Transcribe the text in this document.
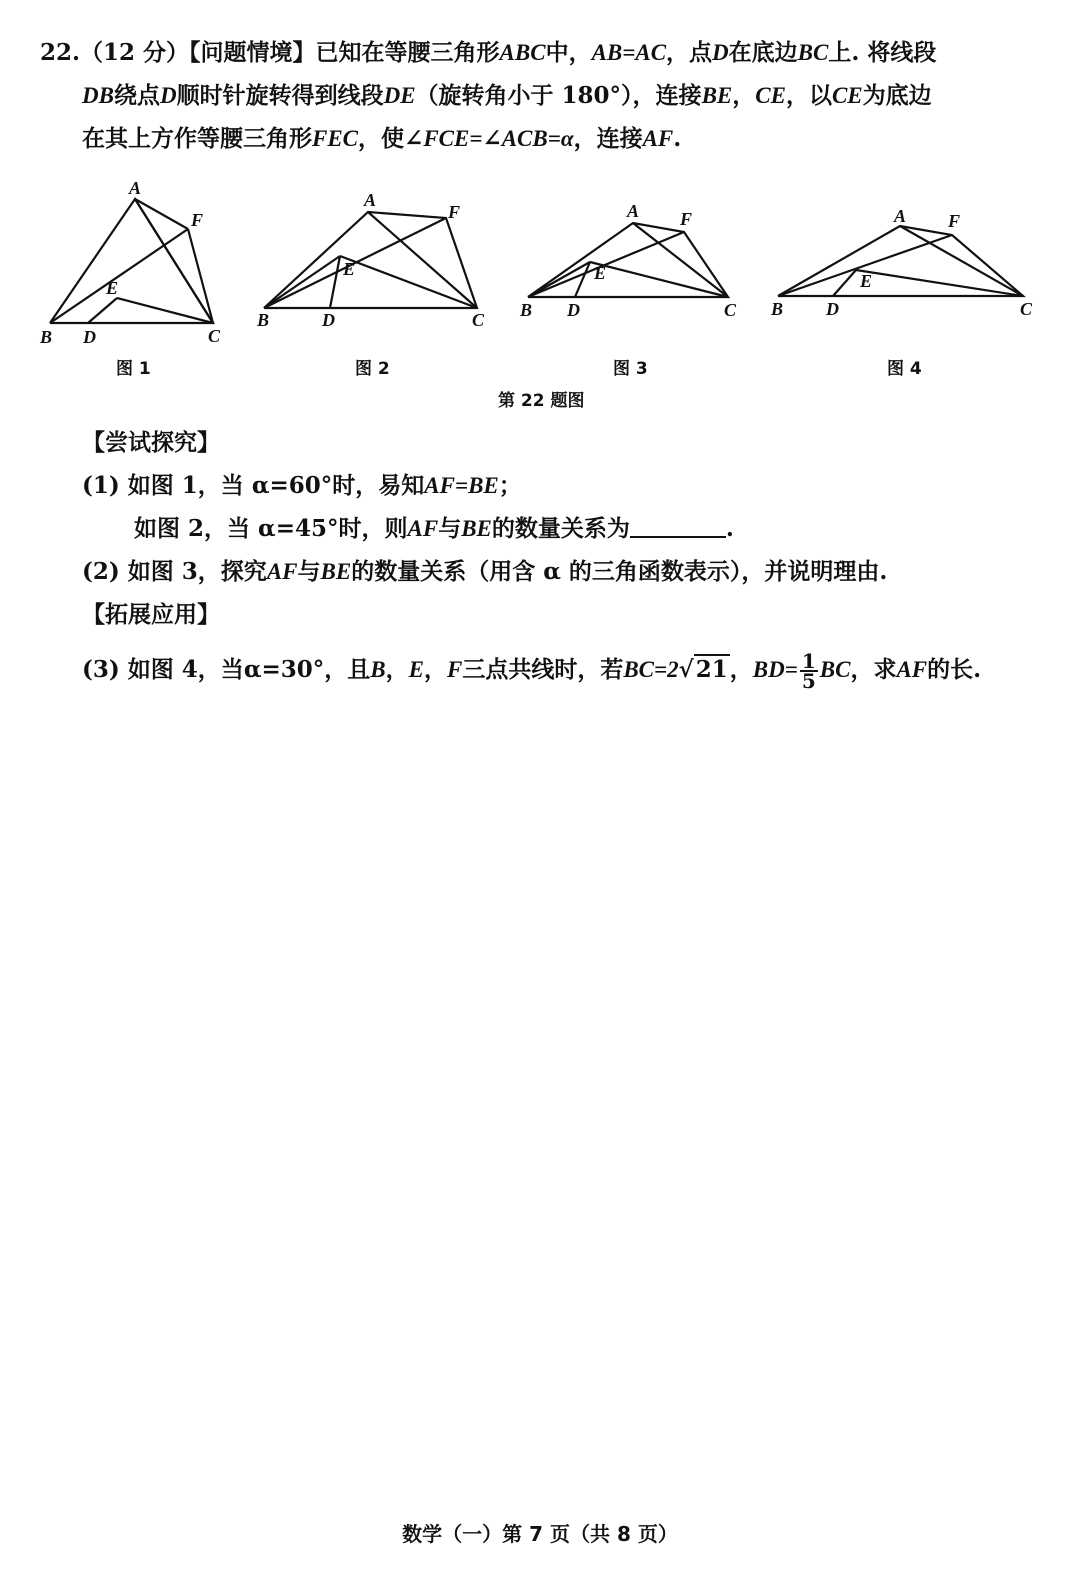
22.（12 分）【问题情境】已知在等腰三角形ABC中，AB=AC，点D在底边BC上. 将线段
DB绕点D顺时针旋转得到线段DE（旋转角小于 180°），连接BE，CE，以CE为底边
在其上方作等腰三角形FEC，使∠FCE=∠ACB=α，连接AF.
A
F
E
B D	C
A
F
E
B	D	C
A F
E
B D	C
A F
E
B D	C
图 1	图 2	图 3	图 4
第 22 题图
【尝试探究】
(1) 如图 1，当 α=60°时，易知AF=BE；
如图 2，当 α=45°时，则AF与BE的数量关系为	.
(2) 如图 3，探究AF与BE的数量关系（用含 α 的三角函数表示），并说明理由.
【拓展应用】
(3) 如图 4，当α=30°，且B，E，F三点共线时，若BC=2√21，$BD= \frac{1}{5}$ BC，求AF的长.
数学（一）第 7 页（共 8 页）
